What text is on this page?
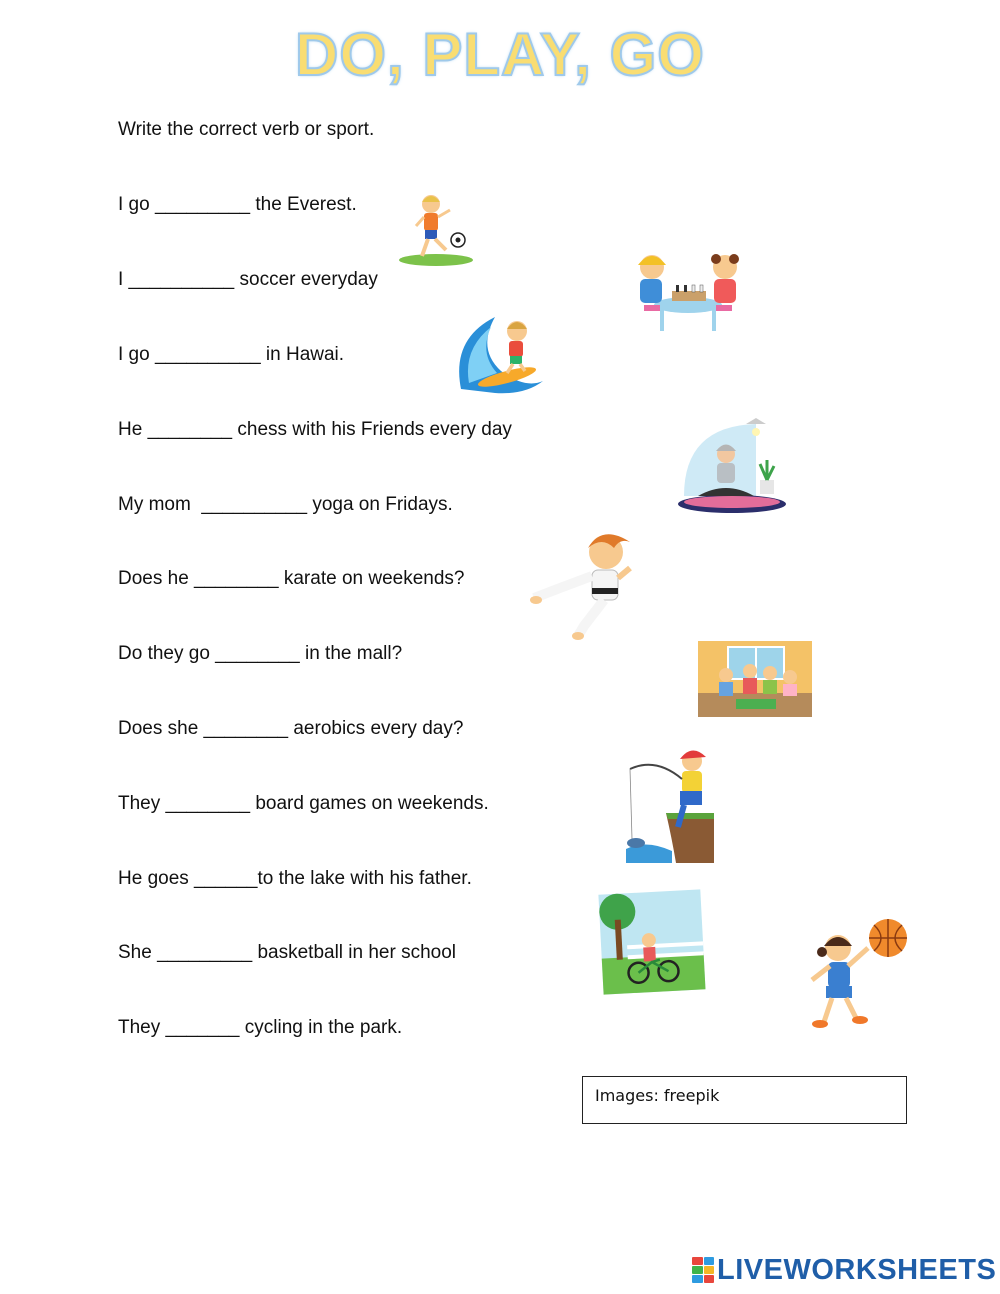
DO, PLAY, GO
Write the correct verb or sport.
I go _________ the Everest.
I __________ soccer everyday
I go __________ in Hawai.
He ________ chess with his Friends every day
My mom  __________ yoga on Fridays.
Does he ________ karate on weekends?
Do they go ________ in the mall?
Does she ________ aerobics every day?
They ________ board games on weekends.
He goes ______to the lake with his father.
She _________ basketball in her school
They _______ cycling in the park.
Images: freepik
LIVEWORKSHEETS
